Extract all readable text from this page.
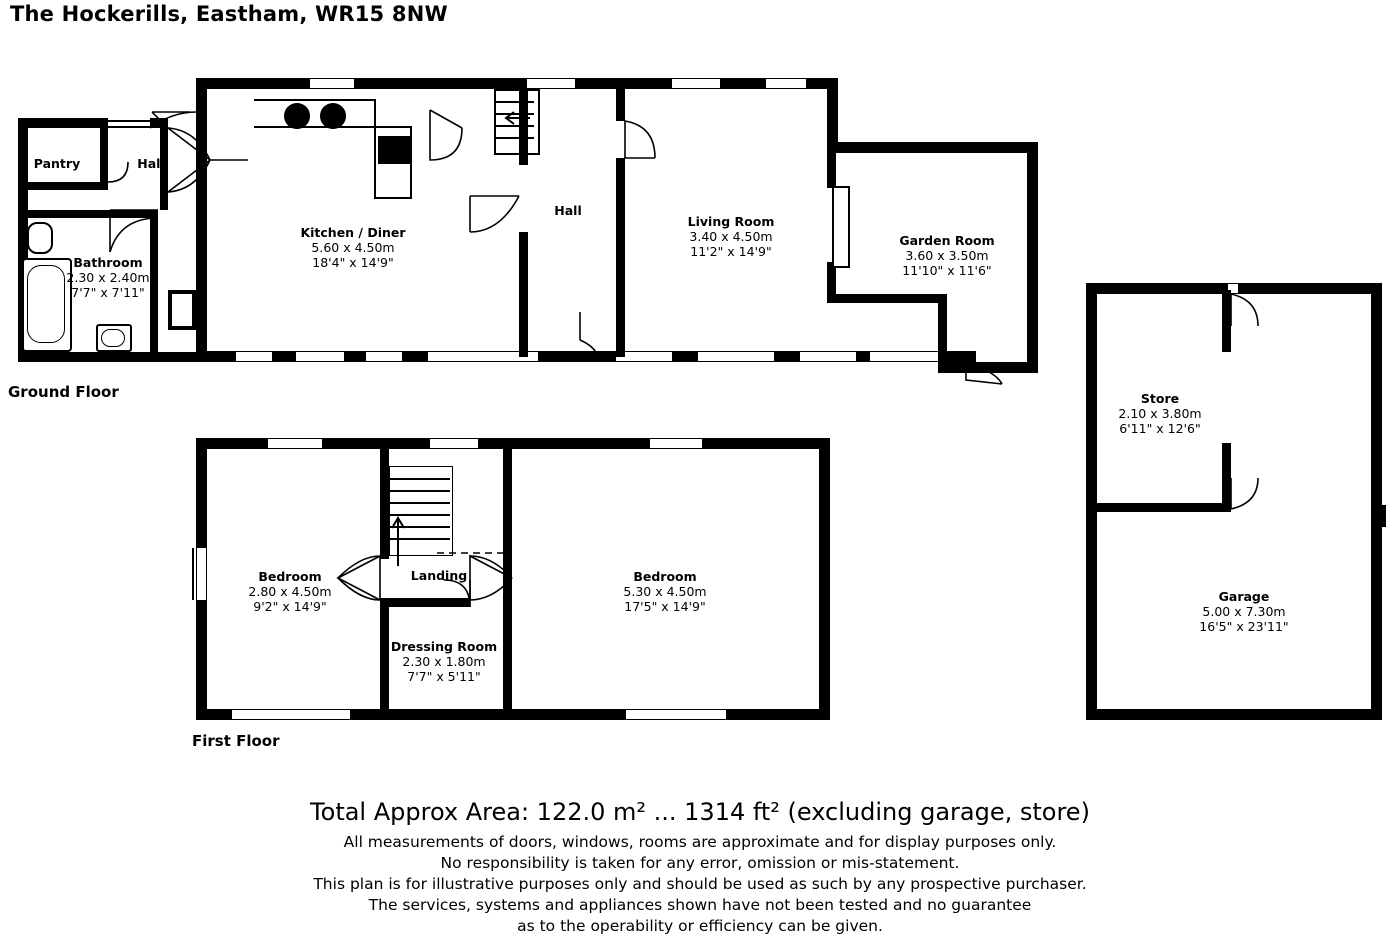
The Hockerills, Eastham, WR15 8NW
Pantry	Hall
Bathroom
2.30 x 2.40m
7'7" x 7'11"
Kitchen / Diner
5.60 x 4.50m
18'4" x 14'9"
Hall
Living Room
3.40 x 4.50m
11'2" x 14'9"
Garden Room
3.60 x 3.50m
11'10" x 11'6"
Ground Floor
Bedroom
2.80 x 4.50m
9'2" x 14'9"
Landing
Dressing Room
2.30 x 1.80m
7'7" x 5'11"
Bedroom
5.30 x 4.50m
17'5" x 14'9"
First Floor
Store
2.10 x 3.80m
6'11" x 12'6"
Garage
5.00 x 7.30m
16'5" x 23'11"
Total Approx Area: 122.0 m² ... 1314 ft² (excluding garage, store)
All measurements of doors, windows, rooms are approximate and for display purposes only.
No responsibility is taken for any error, omission or mis-statement.
This plan is for illustrative purposes only and should be used as such by any prospective purchaser.
The services, systems and appliances shown have not been tested and no guarantee
as to the operability or efficiency can be given.
